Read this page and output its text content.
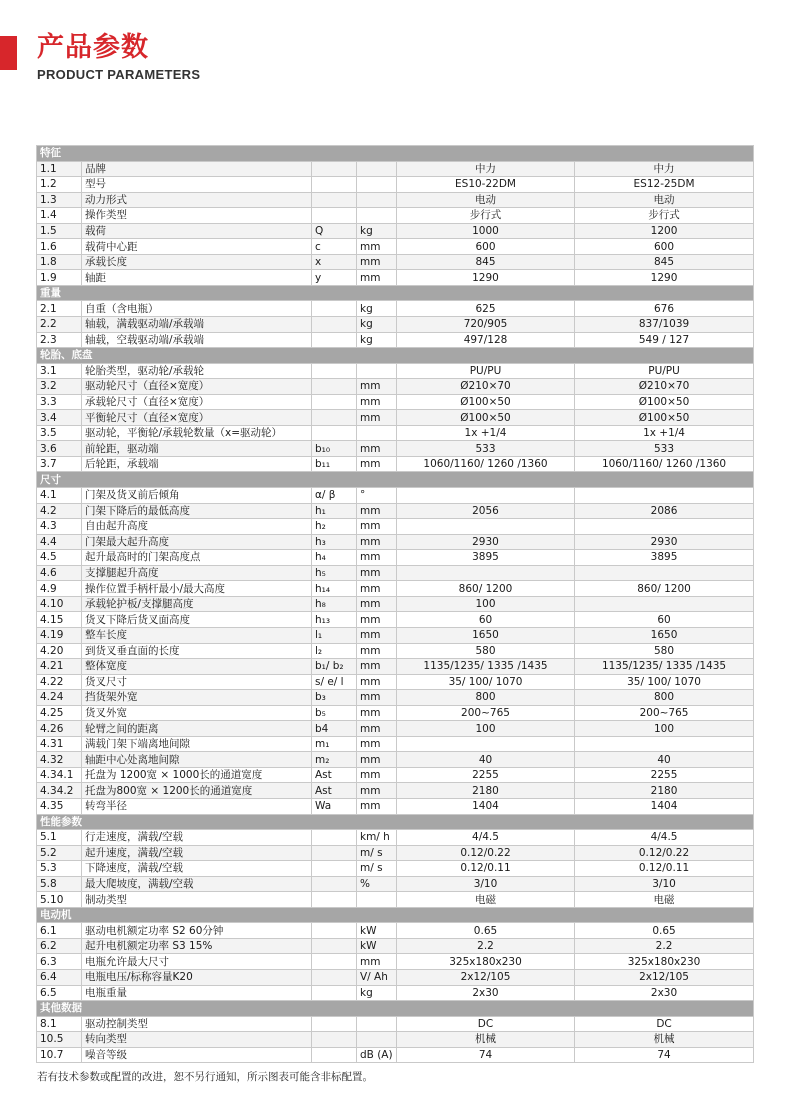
产品参数
PRODUCT PARAMETERS
特征					
1.1	品牌			中力	中力
1.2	型号			ES10-22DM	ES12-25DM
1.3	动力形式			电动	电动
1.4	操作类型			步行式	步行式
1.5	载荷	Q	kg	1000	1200
1.6	载荷中心距	c	mm	600	600
1.8	承载长度	x	mm	845	845
1.9	轴距	y	mm	1290	1290
重量					
2.1	自重（含电瓶）		kg	625	676
2.2	轴载，满载驱动端/承载端		kg	720/905	837/1039
2.3	轴载，空载驱动端/承载端		kg	497/128	549 / 127
轮胎、底盘					
3.1	轮胎类型，驱动轮/承载轮			PU/PU	PU/PU
3.2	驱动轮尺寸（直径×宽度）		mm	Ø210×70	Ø210×70
3.3	承载轮尺寸（直径×宽度）		mm	Ø100×50	Ø100×50
3.4	平衡轮尺寸（直径×宽度）		mm	Ø100×50	Ø100×50
3.5	驱动轮，平衡轮/承载轮数量（x=驱动轮）			1x +1/4	1x +1/4
3.6	前轮距，驱动端	b₁₀	mm	533	533
3.7	后轮距，承载端	b₁₁	mm	1060/1160/ 1260 /1360	1060/1160/ 1260 /1360
尺寸					
4.1	门架及货叉前后倾角	α/ β	°		
4.2	门架下降后的最低高度	h₁	mm	2056	2086
4.3	自由起升高度	h₂	mm		
4.4	门架最大起升高度	h₃	mm	2930	2930
4.5	起升最高时的门架高度点	h₄	mm	3895	3895
4.6	支撑腿起升高度	h₅	mm		
4.9	操作位置手柄杆最小/最大高度	h₁₄	mm	860/ 1200	860/ 1200
4.10	承载轮护板/支撑腿高度	h₈	mm	100	
4.15	货叉下降后货叉面高度	h₁₃	mm	60	60
4.19	整车长度	l₁	mm	1650	1650
4.20	到货叉垂直面的长度	l₂	mm	580	580
4.21	整体宽度	b₁/ b₂	mm	1135/1235/ 1335 /1435	1135/1235/ 1335 /1435
4.22	货叉尺寸	s/ e/ l	mm	35/ 100/ 1070	35/ 100/ 1070
4.24	挡货架外宽	b₃	mm	800	800
4.25	货叉外宽	b₅	mm	200~765	200~765
4.26	轮臂之间的距离	b4	mm	100	100
4.31	满载门架下端离地间隙	m₁	mm		
4.32	轴距中心处离地间隙	m₂	mm	40	40
4.34.1	托盘为 1200宽 × 1000长的通道宽度	Ast	mm	2255	2255
4.34.2	托盘为800宽 × 1200长的通道宽度	Ast	mm	2180	2180
4.35	转弯半径	Wa	mm	1404	1404
性能参数					
5.1	行走速度，满载/空载		km/ h	4/4.5	4/4.5
5.2	起升速度，满载/空载		m/ s	0.12/0.22	0.12/0.22
5.3	下降速度，满载/空载		m/ s	0.12/0.11	0.12/0.11
5.8	最大爬坡度，满载/空载		%	3/10	3/10
5.10	制动类型			电磁	电磁
电动机					
6.1	驱动电机额定功率 S2 60分钟		kW	0.65	0.65
6.2	起升电机额定功率 S3 15%		kW	2.2	2.2
6.3	电瓶允许最大尺寸		mm	325x180x230	325x180x230
6.4	电瓶电压/标称容量K20		V/ Ah	2x12/105	2x12/105
6.5	电瓶重量		kg	2x30	2x30
其他数据					
8.1	驱动控制类型			DC	DC
10.5	转向类型			机械	机械
10.7	噪音等级		dB (A)	74	74
若有技术参数或配置的改进，恕不另行通知，所示图表可能含非标配置。
